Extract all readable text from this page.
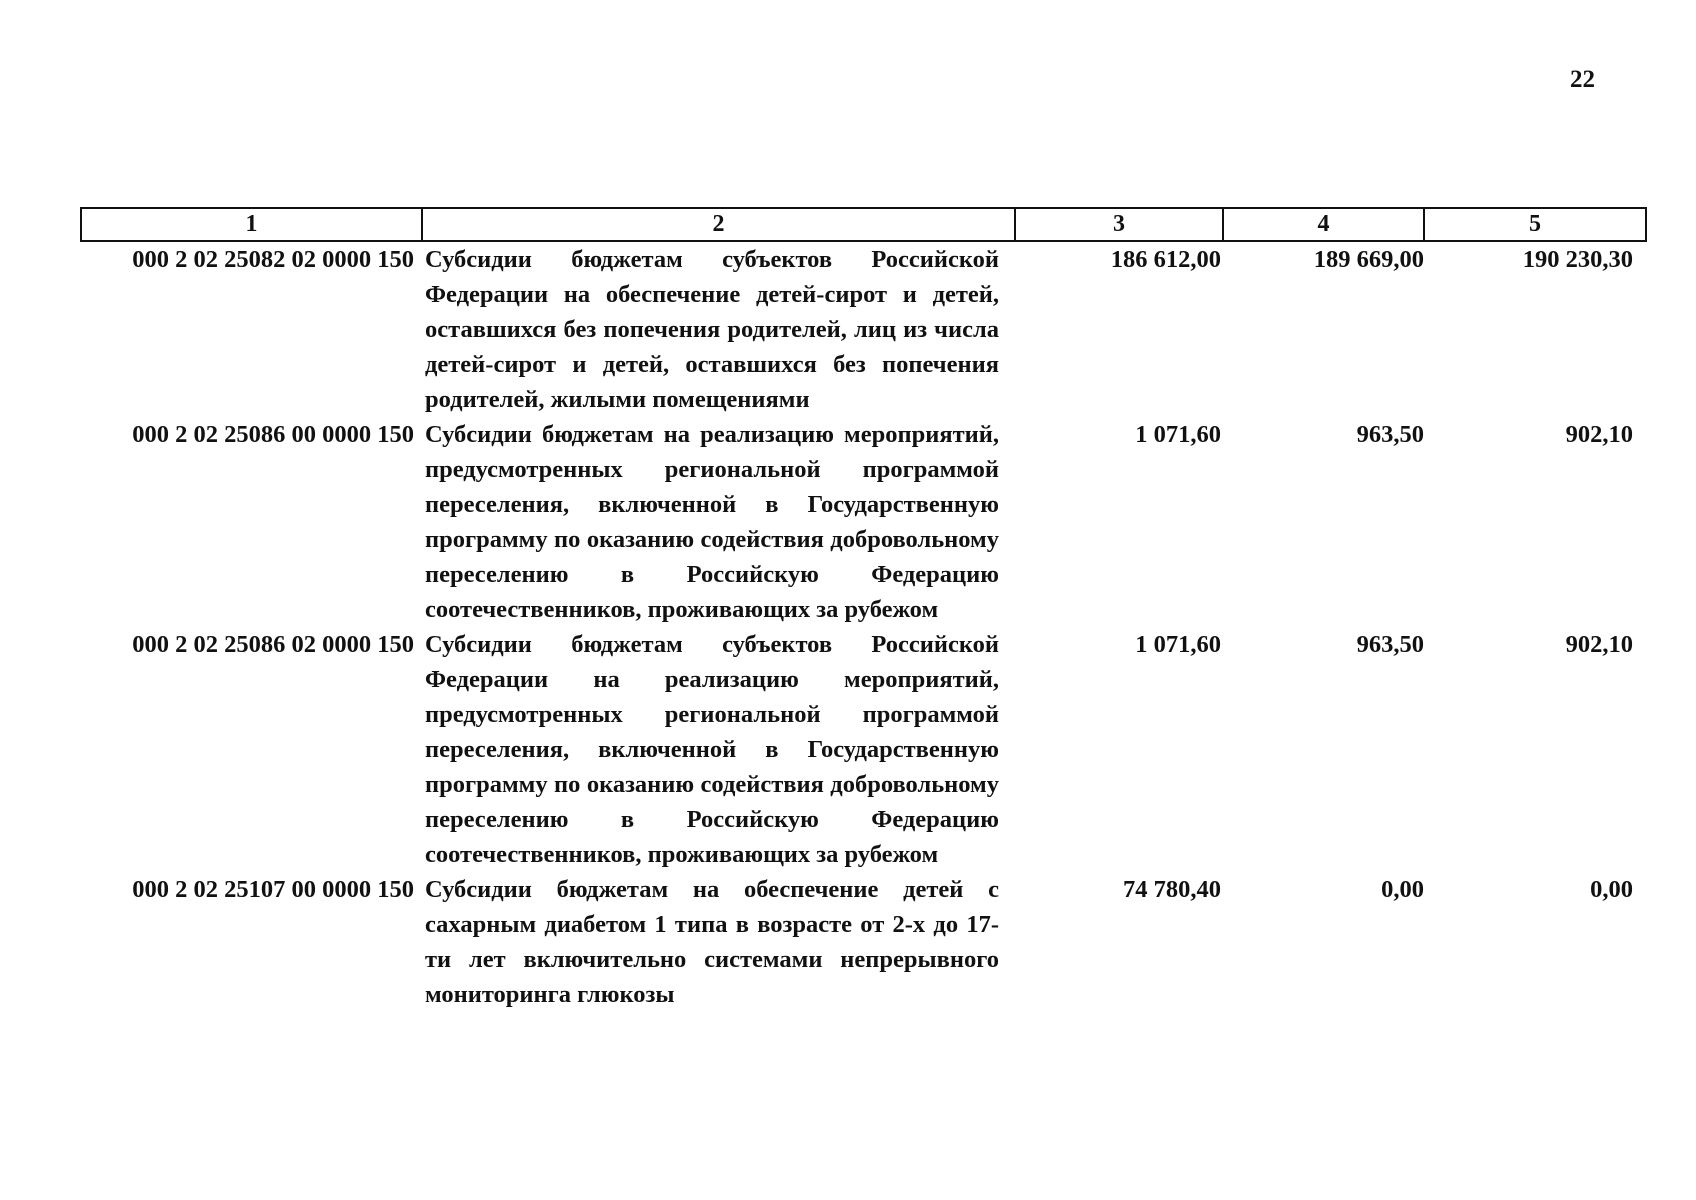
22
1	2	3	4	5
000 2 02 25082 02 0000 150	Субсидии бюджетам субъектов Российской Федерации на обеспечение детей-сирот и детей, оставшихся без попечения родителей, лиц из числа детей-сирот и детей, оставшихся без попечения родителей, жилыми помещениями	186 612,00	189 669,00	190 230,30
000 2 02 25086 00 0000 150	Субсидии бюджетам на реализацию мероприятий, предусмотренных региональной программой переселения, включенной в Государственную программу по оказанию содействия добровольному переселению в Российскую Федерацию соотечественников, проживающих за рубежом	1 071,60	963,50	902,10
000 2 02 25086 02 0000 150	Субсидии бюджетам субъектов Российской Федерации на реализацию мероприятий, предусмотренных региональной программой переселения, включенной в Государственную программу по оказанию содействия добровольному переселению в Российскую Федерацию соотечественников, проживающих за рубежом	1 071,60	963,50	902,10
000 2 02 25107 00 0000 150	Субсидии бюджетам на обеспечение детей с сахарным диабетом 1 типа в возрасте от 2-х до 17-ти лет включительно системами непрерывного мониторинга глюкозы	74 780,40	0,00	0,00
